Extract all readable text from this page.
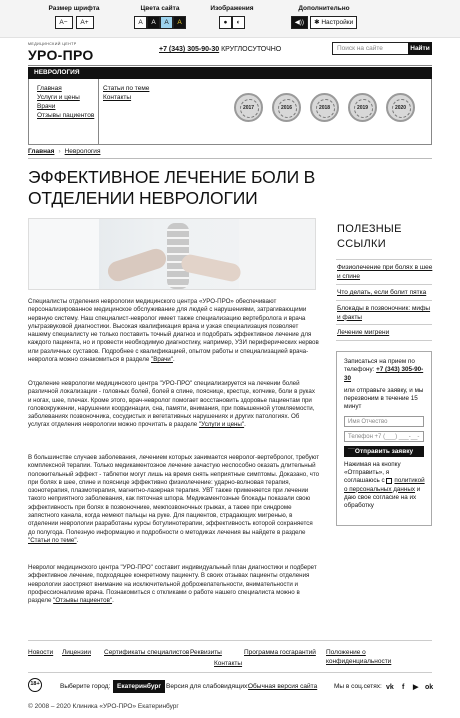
Размер шрифта
А−	А+
Цвета сайта
А	А	А	А
Изображения
●	◐
Дополнительно
◀))	✱ Настройки
МЕДИЦИНСКИЙ ЦЕНТР
УРО-ПРО	+7 (343) 305-90-30 КРУГЛОСУТОЧНО	Поиск на сайте	Найти
НЕВРОЛОГИЯ
Главная
Услуги и цены
Врачи
Отзывы пациентов
Статьи по теме
Контакты
2017	2016	2018	2019	2020
Главная › Неврология
ЭФФЕКТИВНОЕ ЛЕЧЕНИЕ БОЛИ В ОТДЕЛЕНИИ НЕВРОЛОГИИ
Специалисты отделения неврологии медицинского центра «УРО-ПРО» обеспечивают персонализированное медицинское обслуживание для людей с нарушениями, затрагивающими нервную систему. Наш специалист-невролог имеет также специализацию вертебролога и врача ультразвуковой диагностики. Высокая квалификация врача и узкая специализация позволяет нашему специалисту не только поставить точный диагноз и подобрать эффективное лечение для каждого пациента, но и провести необходимую диагностику, например, УЗИ периферических нервов или различных суставов. Подробнее с квалификацией, опытом работы и специализацией врача-невролога можно ознакомиться в разделе "Врачи".
Отделение неврологии медицинского центра "УРО-ПРО" специализируется на лечении болей различной локализации - головных болей, болей в спине, пояснице, крестце, копчике, боли в руках и ногах, шее, плечах. Кроме этого, врач-невролог помогает восстановить здоровье пациентам при головокружении, нарушении координации, сна, памяти, внимания, при повышенной утомляемости, заболеваниях позвоночника, сосудистых и вегетативных нарушениях и других патологиях. Об услугах отделения неврологии можно прочитать в разделе "Услуги и цены".
В большинстве случаев заболевания, лечением которых занимается невролог-вертебролог, требуют комплексной терапии. Только медикаментозное лечение зачастую неспособно оказать длительный положительный эффект - таблетки могут лишь на время снять неприятные симптомы. Доказано, что при болях в шее, спине и пояснице эффективно физиолечение: ударно-волновая терапия, озонотерапия, плазмотерапия, магнитно-лазерная терапия. УВТ также применяется при лечении такого неприятного заболевания, как пяточная шпора. Медикаментозные блокады показали свою эффективность при болях в позвоночнике, межпозвоночных грыжах, а также при синдроме запястного канала, когда немеют пальцы на руке. Для пациентов, страдающих мигренью, в отделении неврологии разработаны курсы ботулинотерапии, эффективность которой сохраняется до полугода. Полезную информацию и подробности о методиках лечения вы найдете в разделе "Статьи по теме".
Невролог медицинского центра "УРО-ПРО" составит индивидуальный план диагностики и подберет эффективное лечение, подходящее конкретному пациенту. В своих отзывах пациенты отделения неврологии заостряют внимание на исключительной доброжелательности, внимательности и профессионализме врача. Познакомиться с откликами о работе нашего специалиста можно в разделе "Отзывы пациентов".
ПОЛЕЗНЫЕ ССЫЛКИ
Физиолечение при болях в шее и спине
Что делать, если болит пятка
Блокады в позвоночник: мифы и факты
Лечение мигрени
Записаться на прием по телефону: +7 (343) 305-90-30
или отправьте заявку, и мы перезвоним в течение 15 минут
Имя Отчество
Телефон +7 (___) ___-__-__
Отправить заявку
Нажимая на кнопку «Отправить», я соглашаюсь с политикой о персональных данных и даю свое согласие на их обработку
Новости Лицензии Сертификаты специалистов Реквизиты	Программа госгарантий Положение о конфиденциальности
Контакты
18+	Выберите город:	Екатеринбург Версия для слабовидящих:
Обычная версия сайта	Мы в соц.сетях: vk f ▶ ok
© 2008 – 2020 Клиника «УРО-ПРО» Екатеринбург
